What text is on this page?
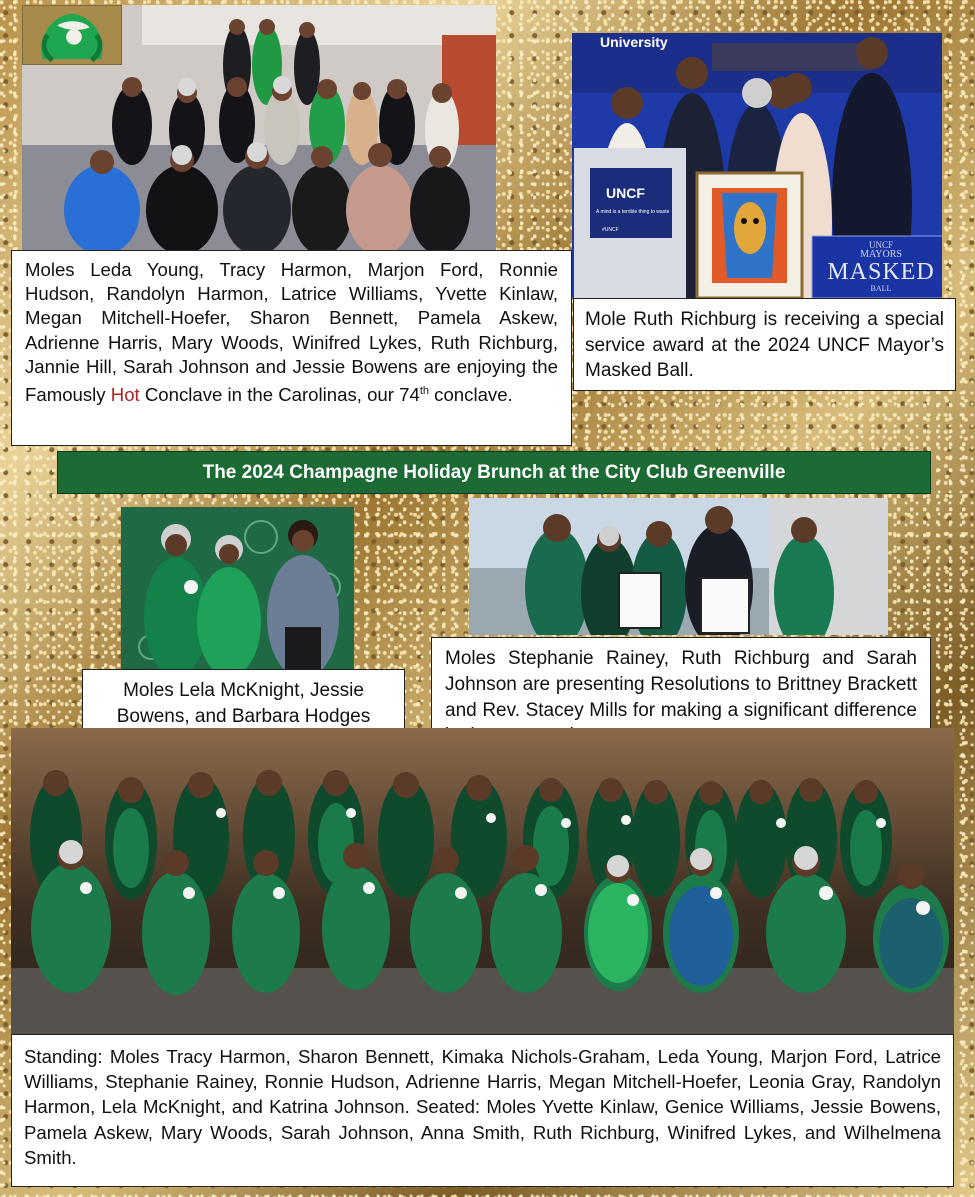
University
UNCF
A mind is a terrible thing to waste
#UNCF
UNCF
MAYORS
MASKED
BALL

Moles Leda Young, Tracy Harmon, Marjon Ford, Ronnie Hudson, Randolyn Harmon, Latrice Williams, Yvette Kinlaw, Megan Mitchell-Hoefer, Sharon Bennett, Pamela Askew, Adrienne Harris, Mary Woods, Winifred Lykes, Ruth Richburg, Jannie Hill, Sarah Johnson and Jessie Bowens are enjoying the Famously Hot Conclave in the Carolinas, our 74th conclave.

Mole Ruth Richburg is receiving a special service award at the 2024 UNCF Mayor’s Masked Ball.

The 2024 Champagne Holiday Brunch at the City Club Greenville

Moles Lela McKnight, Jessie Bowens, and Barbara Hodges

Moles Stephanie Rainey, Ruth Richburg and Sarah Johnson are presenting Resolutions to Brittney Brackett and Rev. Stacey Mills for making a significant difference

Standing: Moles Tracy Harmon, Sharon Bennett, Kimaka Nichols-Graham, Leda Young, Marjon Ford, Latrice Williams, Stephanie Rainey, Ronnie Hudson, Adrienne Harris, Megan Mitchell-Hoefer, Leonia Gray, Randolyn Harmon, Lela McKnight, and Katrina Johnson. Seated: Moles Yvette Kinlaw, Genice Williams, Jessie Bowens, Pamela Askew, Mary Woods, Sarah Johnson, Anna Smith, Ruth Richburg, Winifred Lykes, and Wilhelmena Smith.
